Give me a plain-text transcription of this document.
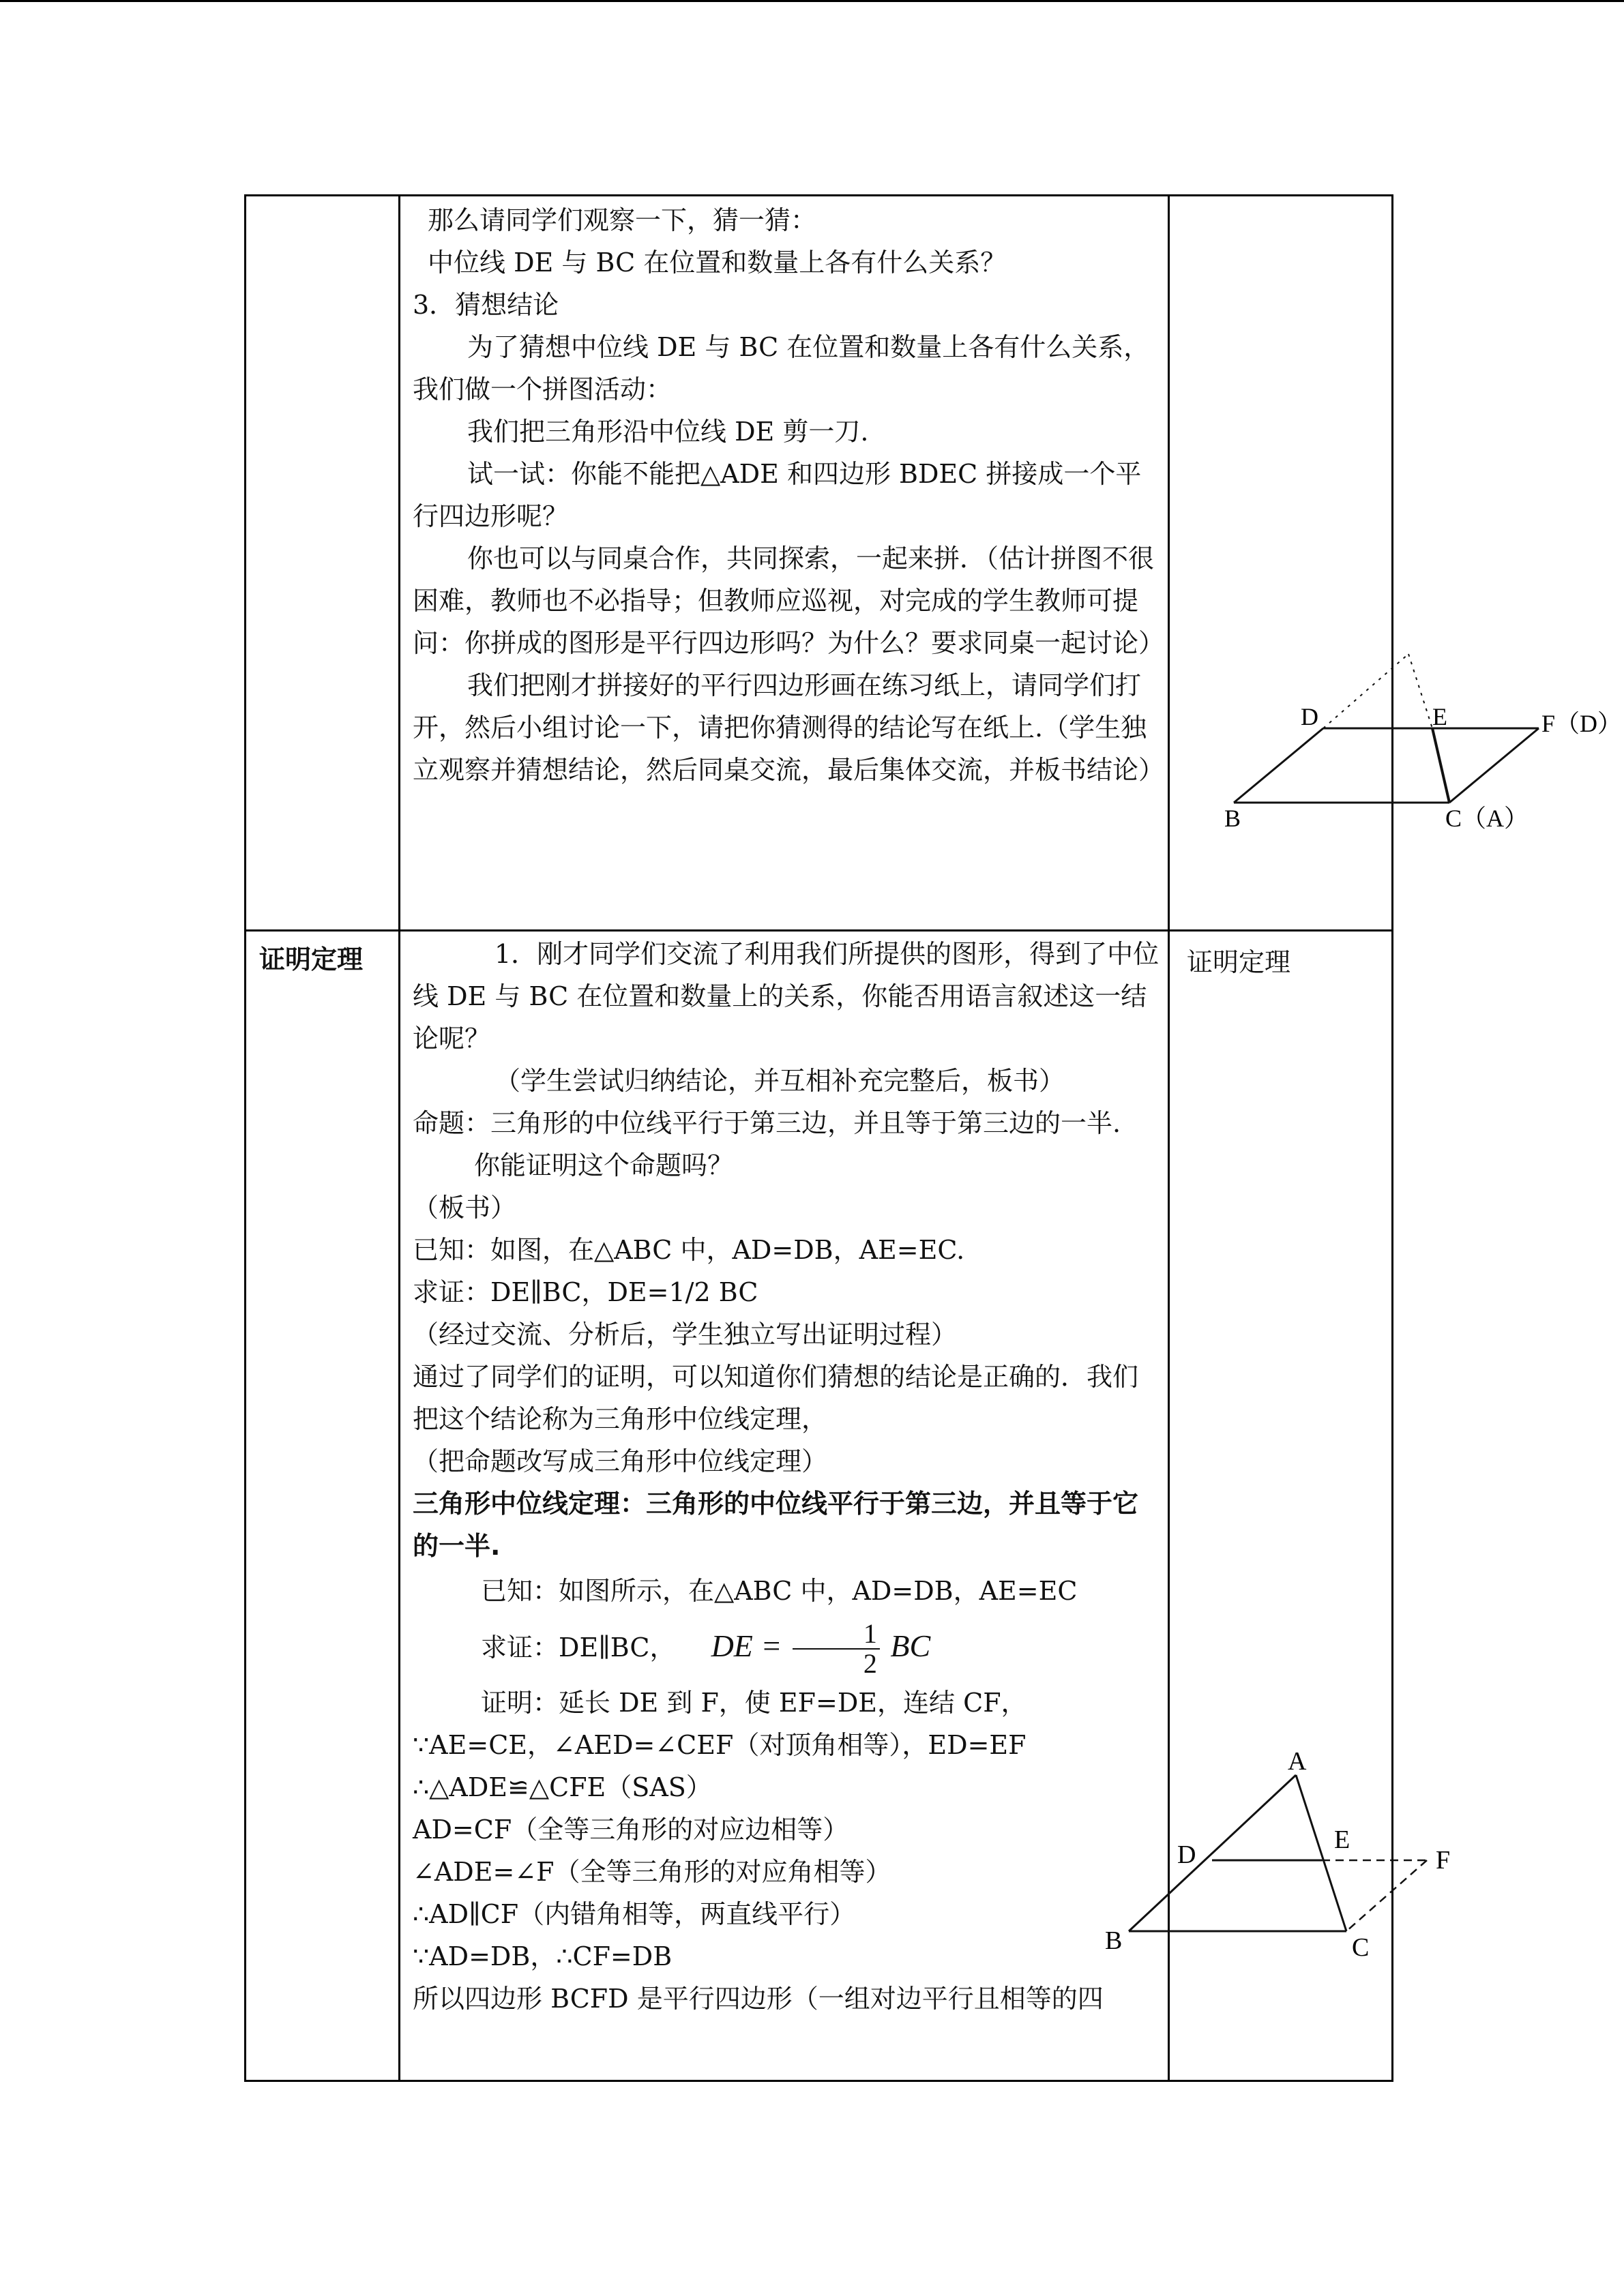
那么请同学们观察一下，猜一猜：

中位线 DE 与 BC 在位置和数量上各有什么关系？

3．猜想结论

为了猜想中位线 DE 与 BC 在位置和数量上各有什么关系，我们做一个拼图活动：

我们把三角形沿中位线 DE 剪一刀.

试一试：你能不能把△ADE 和四边形 BDEC 拼接成一个平行四边形呢？

你也可以与同桌合作，共同探索，一起来拼．（估计拼图不很困难，教师也不必指导；但教师应巡视，对完成的学生教师可提问：你拼成的图形是平行四边形吗？为什么？要求同桌一起讨论）

我们把刚才拼接好的平行四边形画在练习纸上，请同学们打开，然后小组讨论一下，请把你猜测得的结论写在纸上.（学生独立观察并猜想结论，然后同桌交流，最后集体交流，并板书结论）

D	E	F（D）
B	C（A）
证明定理	证明定理

1．刚才同学们交流了利用我们所提供的图形，得到了中位线 DE 与 BC 在位置和数量上的关系，你能否用语言叙述这一结论呢？

（学生尝试归纳结论，并互相补充完整后，板书）

命题：三角形的中位线平行于第三边，并且等于第三边的一半.

你能证明这个命题吗？

（板书）

已知：如图，在△ABC 中，AD=DB，AE=EC.

求证：DE∥BC，DE=1/2 BC

（经过交流、分析后，学生独立写出证明过程）

通过了同学们的证明，可以知道你们猜想的结论是正确的．我们把这个结论称为三角形中位线定理，

（把命题改写成三角形中位线定理）

三角形中位线定理：三角形的中位线平行于第三边，并且等于它的一半.

已知：如图所示，在△ABC 中，AD=DB，AE=EC

求证：DE∥BC， DE = $\frac{1}{2}$ BC

证明：延长 DE 到 F，使 EF=DE，连结 CF，

∵AE=CE，∠AED=∠CEF（对顶角相等），ED=EF

∴△ADE≌△CFE（SAS）

AD=CF（全等三角形的对应边相等）

∠ADE=∠F（全等三角形的对应角相等）

∴AD∥CF（内错角相等，两直线平行）

∵AD=DB，∴CF=DB

所以四边形 BCFD 是平行四边形（一组对边平行且相等的四

A
D
E
F
B	C
